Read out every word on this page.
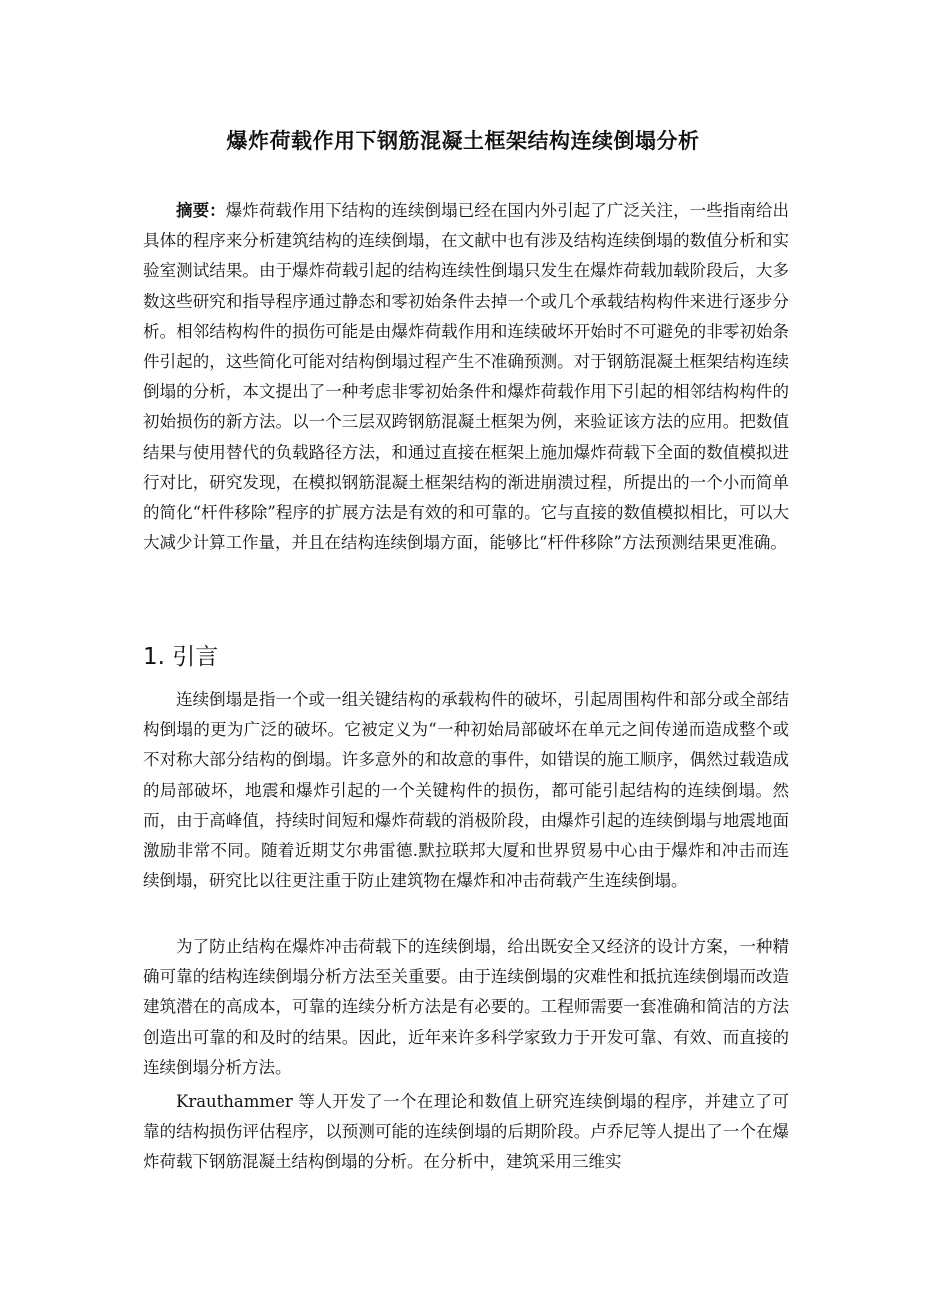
爆炸荷载作用下钢筋混凝土框架结构连续倒塌分析

摘要：爆炸荷载作用下结构的连续倒塌已经在国内外引起了广泛关注，一些指南给出具体的程序来分析建筑结构的连续倒塌，在文献中也有涉及结构连续倒塌的数值分析和实验室测试结果。由于爆炸荷载引起的结构连续性倒塌只发生在爆炸荷载加载阶段后，大多数这些研究和指导程序通过静态和零初始条件去掉一个或几个承载结构构件来进行逐步分析。相邻结构构件的损伤可能是由爆炸荷载作用和连续破坏开始时不可避免的非零初始条件引起的，这些简化可能对结构倒塌过程产生不准确预测。对于钢筋混凝土框架结构连续倒塌的分析，本文提出了一种考虑非零初始条件和爆炸荷载作用下引起的相邻结构构件的初始损伤的新方法。以一个三层双跨钢筋混凝土框架为例，来验证该方法的应用。把数值结果与使用替代的负载路径方法，和通过直接在框架上施加爆炸荷载下全面的数值模拟进行对比，研究发现，在模拟钢筋混凝土框架结构的渐进崩溃过程，所提出的一个小而简单的简化“杆件移除”程序的扩展方法是有效的和可靠的。它与直接的数值模拟相比，可以大大减少计算工作量，并且在结构连续倒塌方面，能够比“杆件移除”方法预测结果更准确。

1. 引言

连续倒塌是指一个或一组关键结构的承载构件的破坏，引起周围构件和部分或全部结构倒塌的更为广泛的破坏。它被定义为“一种初始局部破坏在单元之间传递而造成整个或不对称大部分结构的倒塌。许多意外的和故意的事件，如错误的施工顺序，偶然过载造成的局部破坏，地震和爆炸引起的一个关键构件的损伤，都可能引起结构的连续倒塌。然而，由于高峰值，持续时间短和爆炸荷载的消极阶段，由爆炸引起的连续倒塌与地震地面激励非常不同。随着近期艾尔弗雷德.默拉联邦大厦和世界贸易中心由于爆炸和冲击而连续倒塌，研究比以往更注重于防止建筑物在爆炸和冲击荷载产生连续倒塌。

为了防止结构在爆炸冲击荷载下的连续倒塌，给出既安全又经济的设计方案，一种精确可靠的结构连续倒塌分析方法至关重要。由于连续倒塌的灾难性和抵抗连续倒塌而改造建筑潜在的高成本，可靠的连续分析方法是有必要的。工程师需要一套准确和简洁的方法创造出可靠的和及时的结果。因此，近年来许多科学家致力于开发可靠、有效、而直接的连续倒塌分析方法。

Krauthammer 等人开发了一个在理论和数值上研究连续倒塌的程序，并建立了可靠的结构损伤评估程序，以预测可能的连续倒塌的后期阶段。卢乔尼等人提出了一个在爆炸荷载下钢筋混凝土结构倒塌的分析。在分析中，建筑采用三维实
